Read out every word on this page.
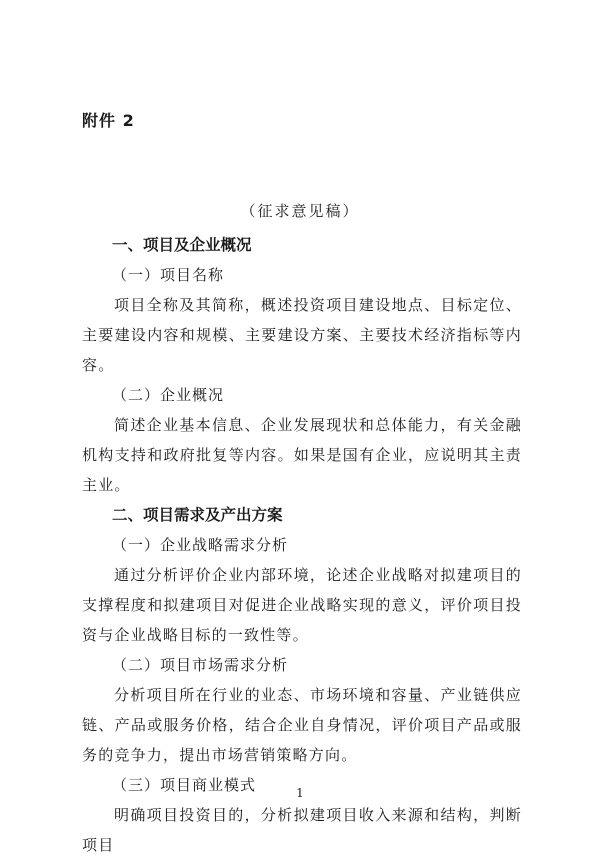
附件 2
（征求意见稿）
一、项目及企业概况
（一）项目名称
项目全称及其简称，概述投资项目建设地点、目标定位、主要建设内容和规模、主要建设方案、主要技术经济指标等内容。
（二）企业概况
简述企业基本信息、企业发展现状和总体能力，有关金融机构支持和政府批复等内容。如果是国有企业，应说明其主责主业。
二、项目需求及产出方案
（一）企业战略需求分析
通过分析评价企业内部环境，论述企业战略对拟建项目的支撑程度和拟建项目对促进企业战略实现的意义，评价项目投资与企业战略目标的一致性等。
（二）项目市场需求分析
分析项目所在行业的业态、市场环境和容量、产业链供应链、产品或服务价格，结合企业自身情况，评价项目产品或服务的竞争力，提出市场营销策略方向。
（三）项目商业模式
明确项目投资目的，分析拟建项目收入来源和结构，判断项目
1
